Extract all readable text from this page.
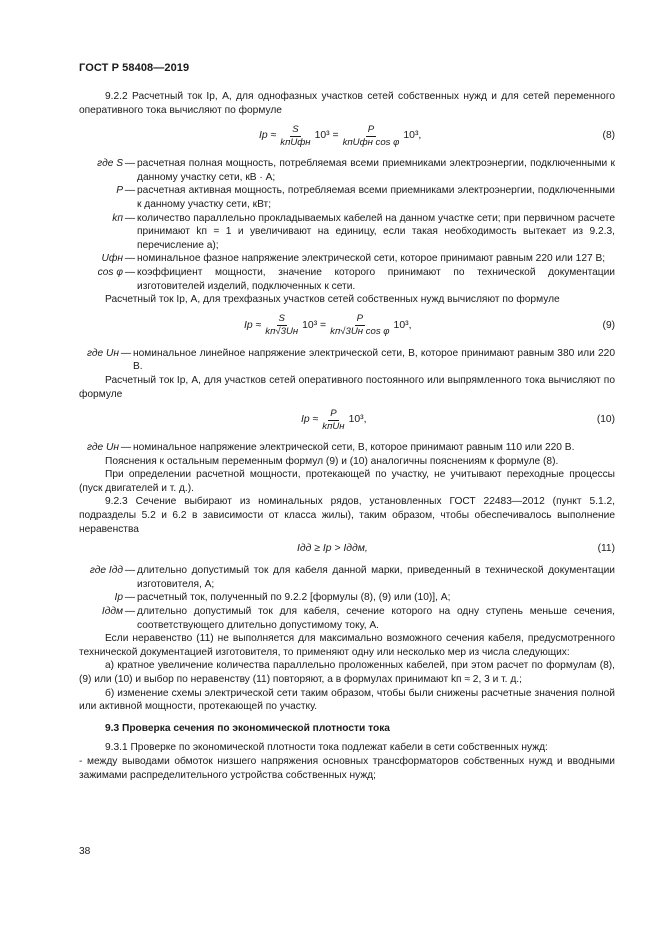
ГОСТ Р 58408—2019

9.2.2 Расчетный ток Iр, А, для однофазных участков сетей собственных нужд и для сетей переменного оперативного тока вычисляют по формуле

Iр ≈ $\frac{S}{\text{kпUфн}} 10^3 = \frac{P}{\text{kпUфн cos φ}} 10^3$,	(8)
где S — расчетная полная мощность, потребляемая всеми приемниками электроэнергии, подключенными к данному участку сети, кВ · А;
P — расчетная активная мощность, потребляемая всеми приемниками электроэнергии, подключенными к данному участку сети, кВт;
kп — количество параллельно прокладываемых кабелей на данном участке сети; при первичном расчете принимают kп = 1 и увеличивают на единицу, если такая необходимость вытекает из 9.2.3, перечисление а);
Uфн — номинальное фазное напряжение электрической сети, которое принимают равным 220 или 127 В;
cos φ — коэффициент мощности, значение которого принимают по технической документации изготовителей изделий, подключенных к сети.

Расчетный ток Iр, А, для трехфазных участков сетей собственных нужд вычисляют по формуле

Iр ≈ $\frac{S}{kп√3Uн} 10^3 = \frac{P}{\text{kп√3Uн cos φ}} 10^3$,	(9)
где Uн — номинальное линейное напряжение электрической сети, В, которое принимают равным 380 или 220 В.

Расчетный ток Iр, А, для участков сетей оперативного постоянного или выпрямленного тока вычисляют по формуле

Iр ≈ $\frac{P}{\text{kпUн}} 10^3$,	(10)
где Uн — номинальное напряжение электрической сети, В, которое принимают равным 110 или 220 В.

Пояснения к остальным переменным формул (9) и (10) аналогичны пояснениям к формуле (8).

При определении расчетной мощности, протекающей по участку, не учитывают переходные процессы (пуск двигателей и т. д.).

9.2.3 Сечение выбирают из номинальных рядов, установленных ГОСТ 22483—2012 (пункт 5.1.2, подразделы 5.2 и 6.2 в зависимости от класса жилы), таким образом, чтобы обеспечивалось выполнение неравенства

Iдд ≥ Iр > Iддм,	(11)
где Iдд — длительно допустимый ток для кабеля данной марки, приведенный в технической документации изготовителя, А;
Iр — расчетный ток, полученный по 9.2.2 [формулы (8), (9) или (10)], А;
Iддм — длительно допустимый ток для кабеля, сечение которого на одну ступень меньше сечения, соответствующего длительно допустимому току, А.

Если неравенство (11) не выполняется для максимально возможного сечения кабеля, предусмотренного технической документацией изготовителя, то применяют одну или несколько мер из числа следующих:

а) кратное увеличение количества параллельно проложенных кабелей, при этом расчет по формулам (8), (9) или (10) и выбор по неравенству (11) повторяют, а в формулах принимают kп ≈ 2, 3 и т. д.;

б) изменение схемы электрической сети таким образом, чтобы были снижены расчетные значения полной или активной мощности, протекающей по участку.

9.3 Проверка сечения по экономической плотности тока

9.3.1 Проверке по экономической плотности тока подлежат кабели в сети собственных нужд:

- между выводами обмоток низшего напряжения основных трансформаторов собственных нужд и вводными зажимами распределительного устройства собственных нужд;

38
